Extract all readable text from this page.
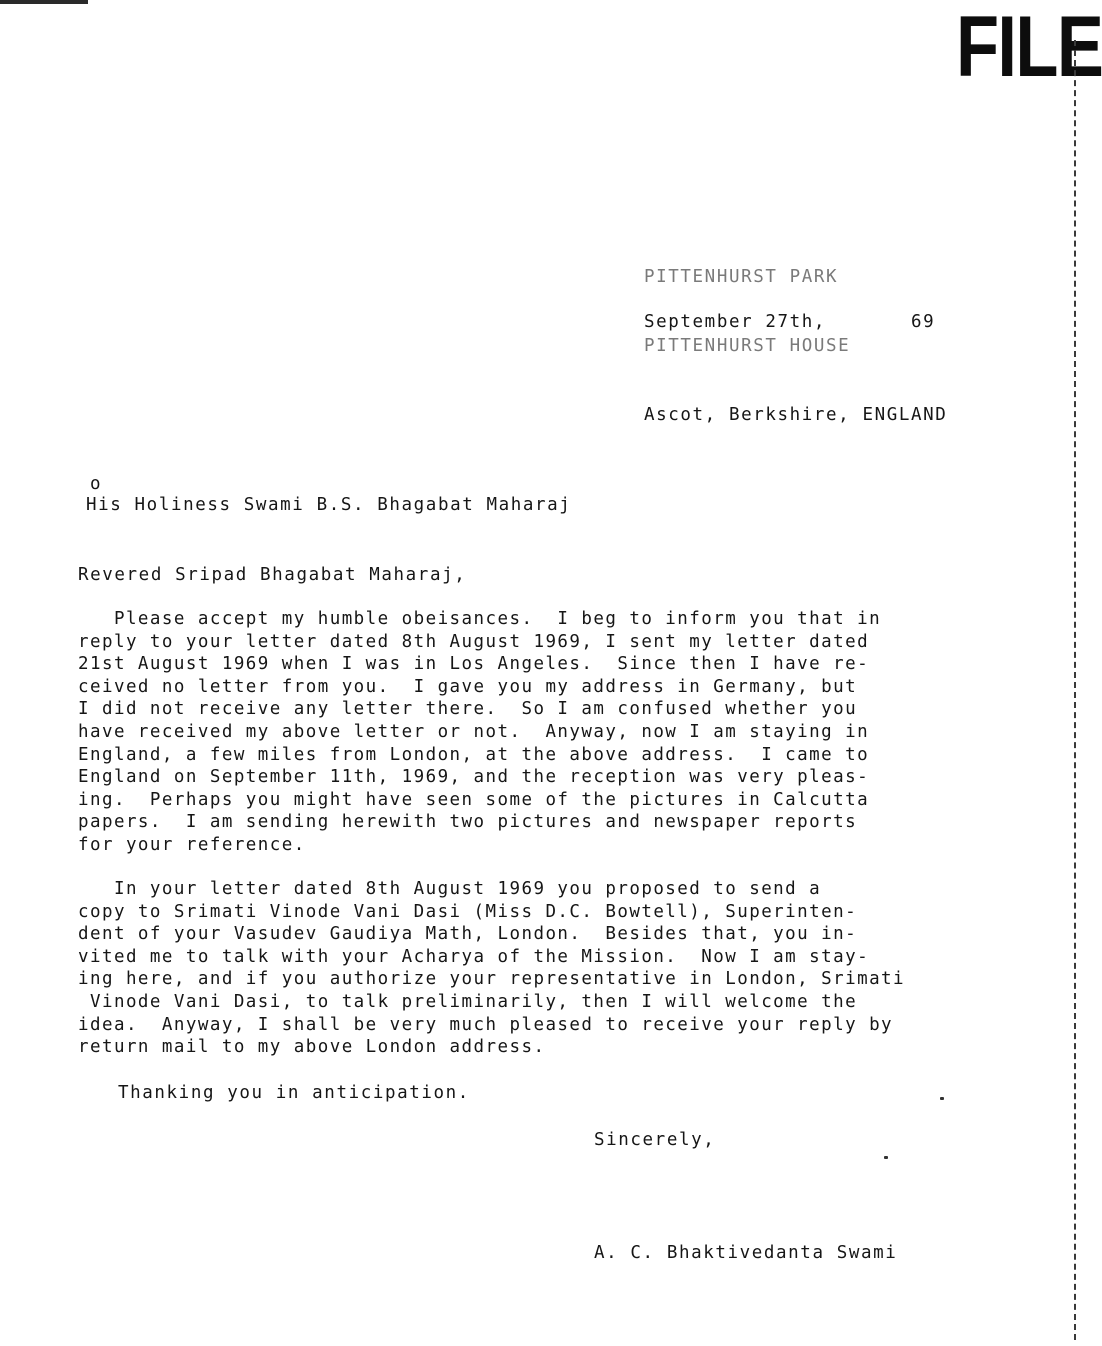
FILE

PITTENHURST PARK

PITTENHURST HOUSE

Ascot, Berkshire, ENGLAND

September 27th,       69
o
His Holiness Swami B.S. Bhagabat Maharaj
Revered Sripad Bhagabat Maharaj,
Please accept my humble obeisances.  I beg to inform you that in
reply to your letter dated 8th August 1969, I sent my letter dated
21st August 1969 when I was in Los Angeles.  Since then I have re-
ceived no letter from you.  I gave you my address in Germany, but
I did not receive any letter there.  So I am confused whether you
have received my above letter or not.  Anyway, now I am staying in
England, a few miles from London, at the above address.  I came to
England on September 11th, 1969, and the reception was very pleas-
ing.  Perhaps you might have seen some of the pictures in Calcutta
papers.  I am sending herewith two pictures and newspaper reports
for your reference.
In your letter dated 8th August 1969 you proposed to send a
copy to Srimati Vinode Vani Dasi (Miss D.C. Bowtell), Superinten-
dent of your Vasudev Gaudiya Math, London.  Besides that, you in-
vited me to talk with your Acharya of the Mission.  Now I am stay-
ing here, and if you authorize your representative in London, Srimati
Vinode Vani Dasi, to talk preliminarily, then I will welcome the
idea.  Anyway, I shall be very much pleased to receive your reply by
return mail to my above London address.
Thanking you in anticipation.
Sincerely,
A. C. Bhaktivedanta Swami
